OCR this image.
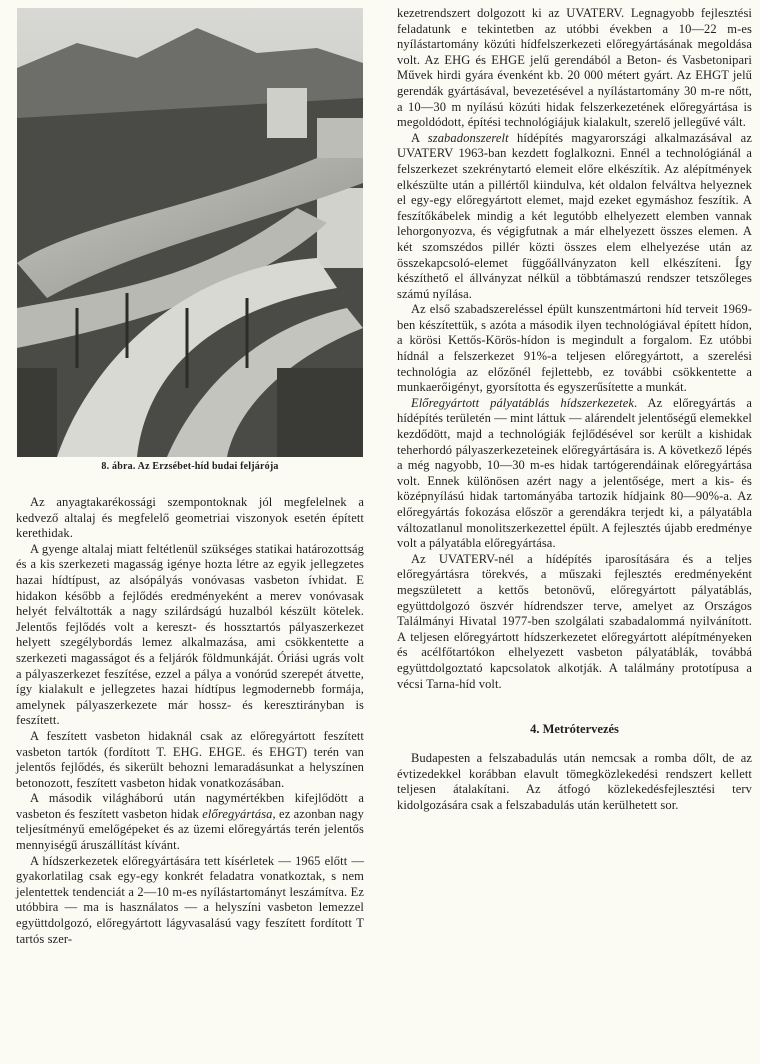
8. ábra. Az Erzsébet-híd budai feljárója

Az anyagtakarékossági szempontoknak jól megfelelnek a kedvező altalaj és megfelelő geometriai viszonyok esetén épített kerethidak.

A gyenge altalaj miatt feltétlenül szükséges statikai határozottság és a kis szerkezeti magasság igénye hozta létre az egyik jellegzetes hazai hídtípust, az alsópályás vonóvasas vasbeton ívhidat. E hidakon később a fejlődés eredményeként a merev vonóvasak helyét felváltották a nagy szilárdságú huzalból készült kötelek. Jelentős fejlődés volt a kereszt- és hossztartós pályaszerkezet helyett szegélybordás lemez alkalmazása, ami csökkentette a szerkezeti magasságot és a feljárók földmunkáját. Óriási ugrás volt a pályaszerkezet feszítése, ezzel a pálya a vonórúd szerepét átvette, így kialakult e jellegzetes hazai hídtípus legmodernebb formája, amelynek pályaszerkezete már hossz- és keresztirányban is feszített.

A feszített vasbeton hidaknál csak az előregyártott feszített vasbeton tartók (fordított T. EHG. EHGE. és EHGT) terén van jelentős fejlődés, és sikerült behozni lemaradásunkat a helyszínen betonozott, feszített vasbeton hidak vonatkozásában.

A második világháború után nagymértékben kifejlődött a vasbeton és feszített vasbeton hidak előregyártása, ez azonban nagy teljesítményű emelőgépeket és az üzemi előregyártás terén jelentős mennyiségű áruszállítást kívánt.

A hídszerkezetek előregyártására tett kísérletek — 1965 előtt — gyakorlatilag csak egy-egy konkrét feladatra vonatkoztak, s nem jelentettek tendenciát a 2—10 m-es nyílástartományt leszámítva. Ez utóbbira — ma is használatos — a helyszíni vasbeton lemezzel együttdolgozó, előregyártott lágyvasalású vagy feszített fordított T tartós szer-

kezetrendszert dolgozott ki az UVATERV. Legnagyobb fejlesztési feladatunk e tekintetben az utóbbi években a 10—22 m-es nyílástartomány közúti hídfelszerkezeti előregyártásának megoldása volt. Az EHG és EHGE jelű gerendából a Beton- és Vasbetonipari Művek hirdi gyára évenként kb. 20 000 métert gyárt. Az EHGT jelű gerendák gyártásával, bevezetésével a nyílástartomány 30 m-re nőtt, a 10—30 m nyílású közúti hidak felszerkezetének előregyártása is megoldódott, építési technológiájuk kialakult, szerelő jellegűvé vált.

A szabadonszerelt hídépítés magyarországi alkalmazásával az UVATERV 1963-ban kezdett foglalkozni. Ennél a technológiánál a felszerkezet szekrénytartó elemeit előre elkészítik. Az alépítmények elkészülte után a pillértől kiindulva, két oldalon felváltva helyeznek el egy-egy előregyártott elemet, majd ezeket egymáshoz feszítik. A feszítőkábelek mindig a két legutóbb elhelyezett elemben vannak lehorgonyozva, és végigfutnak a már elhelyezett összes elemen. A két szomszédos pillér közti összes elem elhelyezése után az összekapcsoló-elemet függőállványzaton kell elkészíteni. Így készíthető el állványzat nélkül a többtámaszú rendszer tetszőleges számú nyílása.

Az első szabadszereléssel épült kunszentmártoni híd terveit 1969-ben készítettük, s azóta a második ilyen technológiával épített hídon, a körösi Kettős-Körös-hídon is megindult a forgalom. Ez utóbbi hídnál a felszerkezet 91%-a teljesen előregyártott, a szerelési technológia az előzőnél fejlettebb, ez további csökkentette a munkaerőigényt, gyorsította és egyszerűsítette a munkát.

Előregyártott pályatáblás hídszerkezetek. Az előregyártás a hídépítés területén — mint láttuk — alárendelt jelentőségű elemekkel kezdődött, majd a technológiák fejlődésével sor került a kishidak teherhordó pályaszerkezeteinek előregyártására is. A következő lépés a még nagyobb, 10—30 m-es hidak tartógerendáinak előregyártása volt. Ennek különösen azért nagy a jelentősége, mert a kis- és középnyílású hidak tartományába tartozik hídjaink 80—90%-a. Az előregyártás fokozása először a gerendákra terjedt ki, a pályatábla változatlanul monolitszerkezettel épült. A fejlesztés újabb eredménye volt a pályatábla előregyártása.

Az UVATERV-nél a hídépítés iparosítására és a teljes előregyártásra törekvés, a műszaki fejlesztés eredményeként megszületett a kettős betonövű, előregyártott pályatáblás, együttdolgozó öszvér hídrendszer terve, amelyet az Országos Találmányi Hivatal 1977-ben szolgálati szabadalommá nyilvánított. A teljesen előregyártott hídszerkezetet előregyártott alépítményeken és acélfőtartókon elhelyezett vasbeton pályatáblák, továbbá együttdolgoztató kapcsolatok alkotják. A találmány prototípusa a vécsi Tarna-híd volt.

4. Metrótervezés

Budapesten a felszabadulás után nemcsak a romba dőlt, de az évtizedekkel korábban elavult tömegközlekedési rendszert kellett teljesen átalakítani. Az átfogó közlekedésfejlesztési terv kidolgozására csak a felszabadulás után kerülhetett sor.
